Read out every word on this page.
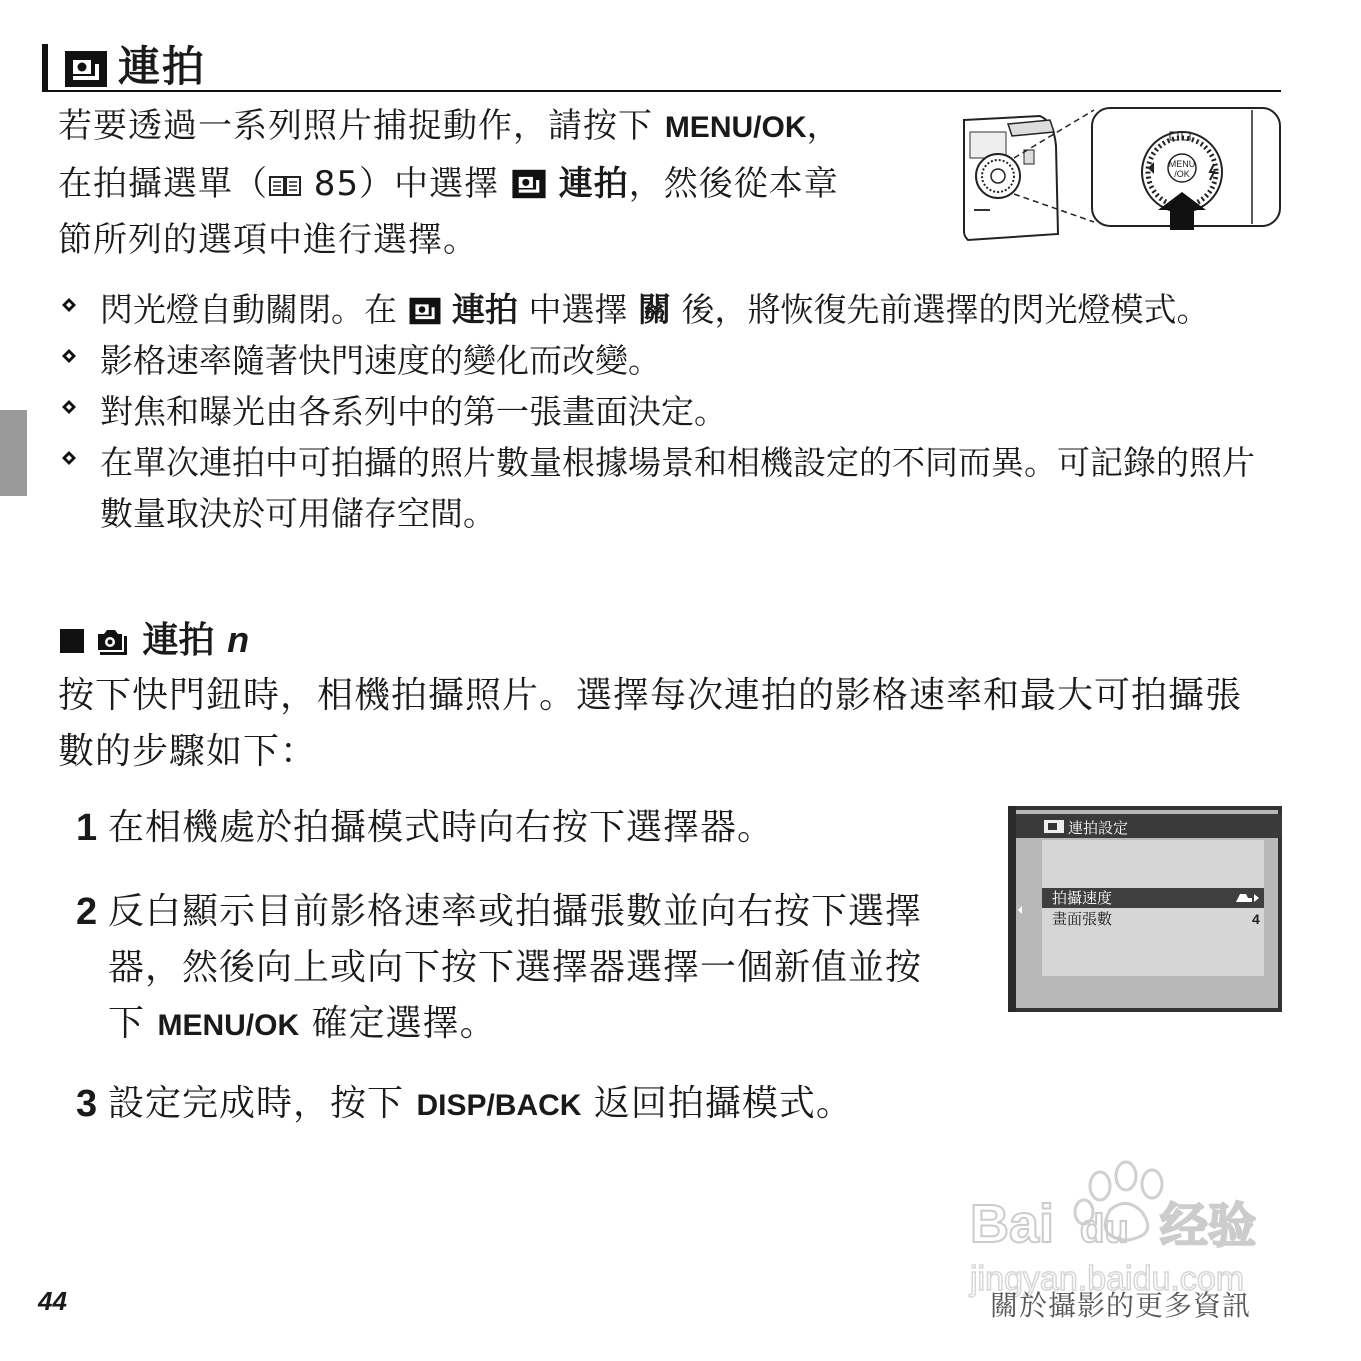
連拍
若要透過一系列照片捕捉動作，請按下 MENU/OK，
在拍攝選單（ 85）中選擇  連拍，然後從本章
節所列的選項中進行選擇。
MENU
/OK

閃光燈自動關閉。在  連拍 中選擇 關 後，將恢復先前選擇的閃光燈模式。

影格速率隨著快門速度的變化而改變。

對焦和曝光由各系列中的第一張畫面決定。

在單次連拍中可拍攝的照片數量根據場景和相機設定的不同而異。可記錄的照片數量取決於可用儲存空間。

連拍 n
按下快門鈕時，相機拍攝照片。選擇每次連拍的影格速率和最大可拍攝張數的步驟如下：
1 在相機處於拍攝模式時向右按下選擇器。
2 反白顯示目前影格速率或拍攝張數並向右按下選擇器，然後向上或向下按下選擇器選擇一個新值並按下 MENU/OK 確定選擇。
3 設定完成時，按下 DISP/BACK 返回拍攝模式。
連拍設定
拍攝速度
畫面張數	4
Bai du 经验
jingyan.baidu.com
44	關於攝影的更多資訊
